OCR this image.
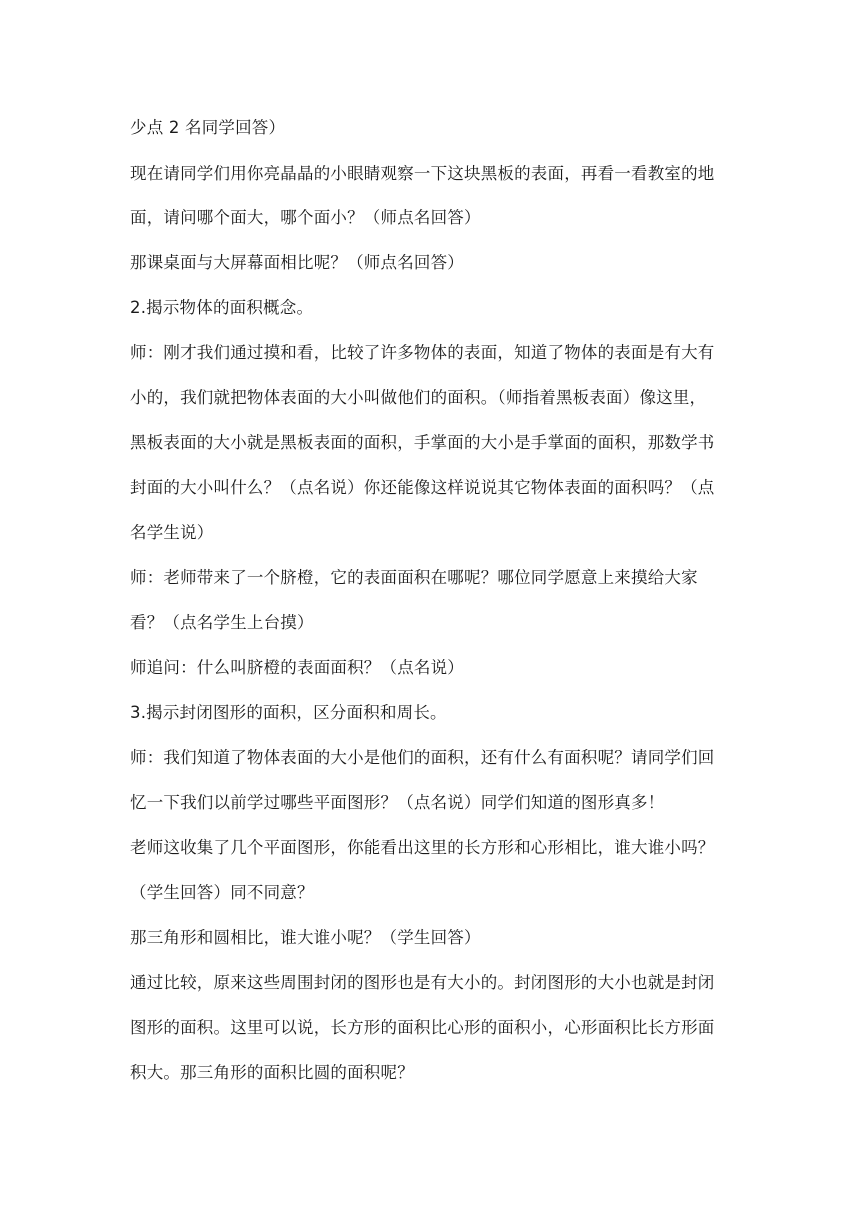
少点 2 名同学回答）
现在请同学们用你亮晶晶的小眼睛观察一下这块黑板的表面，再看一看教室的地
面，请问哪个面大，哪个面小？（师点名回答）
那课桌面与大屏幕面相比呢？（师点名回答）
2.揭示物体的面积概念。
师：刚才我们通过摸和看，比较了许多物体的表面，知道了物体的表面是有大有
小的，我们就把物体表面的大小叫做他们的面积。（师指着黑板表面）像这里，
黑板表面的大小就是黑板表面的面积，手掌面的大小是手掌面的面积，那数学书
封面的大小叫什么？（点名说）你还能像这样说说其它物体表面的面积吗？（点
名学生说）
师：老师带来了一个脐橙，它的表面面积在哪呢？哪位同学愿意上来摸给大家
看？（点名学生上台摸）
师追问：什么叫脐橙的表面面积？（点名说）
3.揭示封闭图形的面积，区分面积和周长。
师：我们知道了物体表面的大小是他们的面积，还有什么有面积呢？请同学们回
忆一下我们以前学过哪些平面图形？（点名说）同学们知道的图形真多！
老师这收集了几个平面图形，你能看出这里的长方形和心形相比，谁大谁小吗？
（学生回答）同不同意？
那三角形和圆相比，谁大谁小呢？（学生回答）
通过比较，原来这些周围封闭的图形也是有大小的。封闭图形的大小也就是封闭
图形的面积。这里可以说，长方形的面积比心形的面积小，心形面积比长方形面
积大。那三角形的面积比圆的面积呢？
